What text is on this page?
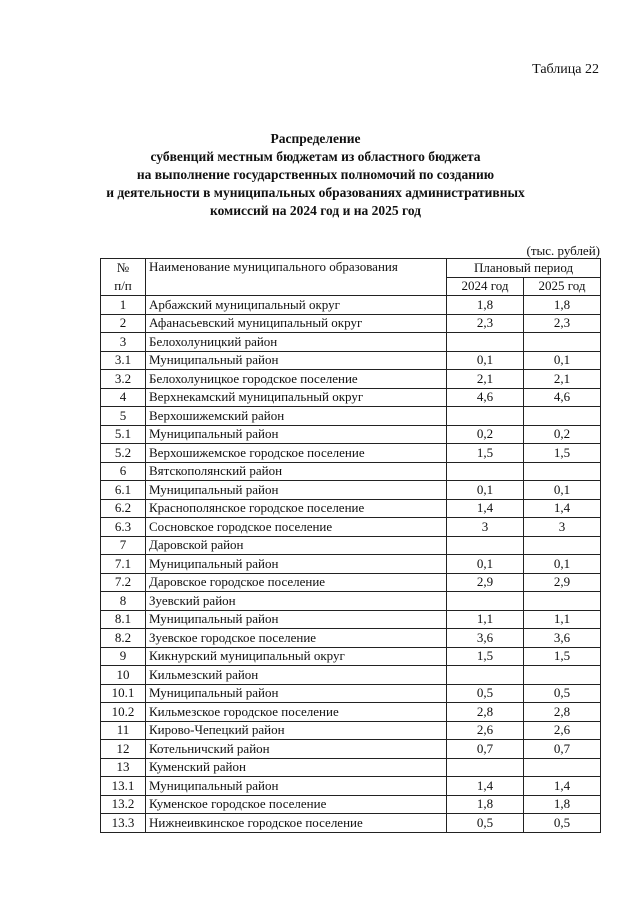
Таблица 22
Распределение
субвенций местным бюджетам из областного бюджета
на выполнение государственных полномочий по созданию
и деятельности в муниципальных образованиях административных
комиссий на 2024 год и на 2025 год
(тыс. рублей)
№
п/п	Наименование муниципального образования	Плановый период	
		2024 год	2025 год
1	Арбажский муниципальный округ	1,8	1,8
2	Афанасьевский муниципальный округ	2,3	2,3
3	Белохолуницкий район		
3.1	Муниципальный район	0,1	0,1
3.2	Белохолуницкое городское поселение	2,1	2,1
4	Верхнекамский муниципальный округ	4,6	4,6
5	Верхошижемский район		
5.1	Муниципальный район	0,2	0,2
5.2	Верхошижемское городское поселение	1,5	1,5
6	Вятскополянский район		
6.1	Муниципальный район	0,1	0,1
6.2	Краснополянское городское поселение	1,4	1,4
6.3	Сосновское городское поселение	3	3
7	Даровской район		
7.1	Муниципальный район	0,1	0,1
7.2	Даровское городское поселение	2,9	2,9
8	Зуевский район		
8.1	Муниципальный район	1,1	1,1
8.2	Зуевское городское поселение	3,6	3,6
9	Кикнурский муниципальный округ	1,5	1,5
10	Кильмезский район		
10.1	Муниципальный район	0,5	0,5
10.2	Кильмезское городское поселение	2,8	2,8
11	Кирово-Чепецкий район	2,6	2,6
12	Котельничский район	0,7	0,7
13	Куменский район		
13.1	Муниципальный район	1,4	1,4
13.2	Куменское городское поселение	1,8	1,8
13.3	Нижнеивкинское городское поселение	0,5	0,5
